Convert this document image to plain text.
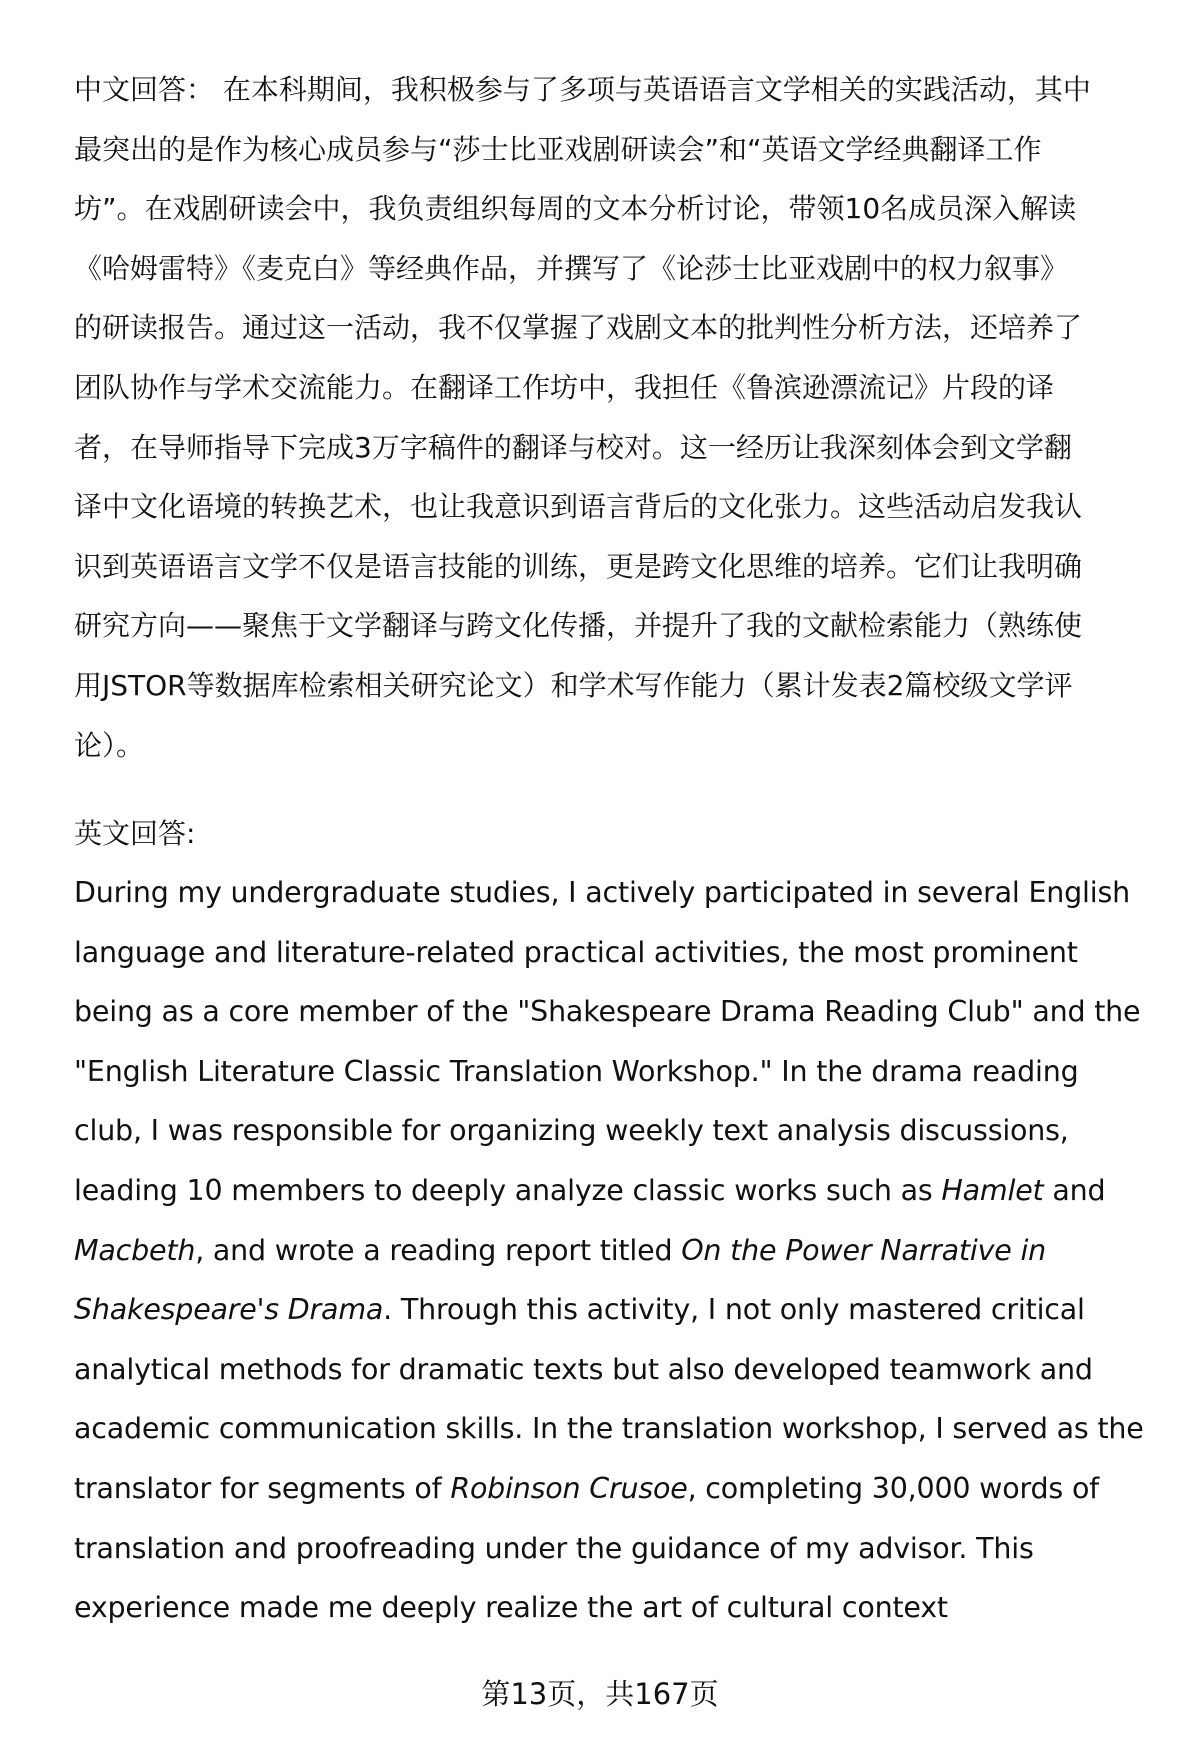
中文回答： 在本科期间，我积极参与了多项与英语语言文学相关的实践活动，其中
最突出的是作为核心成员参与“莎士比亚戏剧研读会”和“英语文学经典翻译工作
坊”。在戏剧研读会中，我负责组织每周的文本分析讨论，带领10名成员深入解读
《哈姆雷特》《麦克白》等经典作品，并撰写了《论莎士比亚戏剧中的权力叙事》
的研读报告。通过这一活动，我不仅掌握了戏剧文本的批判性分析方法，还培养了
团队协作与学术交流能力。在翻译工作坊中，我担任《鲁滨逊漂流记》片段的译
者，在导师指导下完成3万字稿件的翻译与校对。这一经历让我深刻体会到文学翻
译中文化语境的转换艺术，也让我意识到语言背后的文化张力。这些活动启发我认
识到英语语言文学不仅是语言技能的训练，更是跨文化思维的培养。它们让我明确
研究方向——聚焦于文学翻译与跨文化传播，并提升了我的文献检索能力（熟练使
用JSTOR等数据库检索相关研究论文）和学术写作能力（累计发表2篇校级文学评
论）。
英文回答:
During my undergraduate studies, I actively participated in several English
language and literature-related practical activities, the most prominent
being as a core member of the "Shakespeare Drama Reading Club" and the
"English Literature Classic Translation Workshop." In the drama reading
club, I was responsible for organizing weekly text analysis discussions,
leading 10 members to deeply analyze classic works such as Hamlet and
Macbeth, and wrote a reading report titled On the Power Narrative in
Shakespeare's Drama. Through this activity, I not only mastered critical
analytical methods for dramatic texts but also developed teamwork and
academic communication skills. In the translation workshop, I served as the
translator for segments of Robinson Crusoe, completing 30,000 words of
translation and proofreading under the guidance of my advisor. This
experience made me deeply realize the art of cultural context
第13页，共167页
